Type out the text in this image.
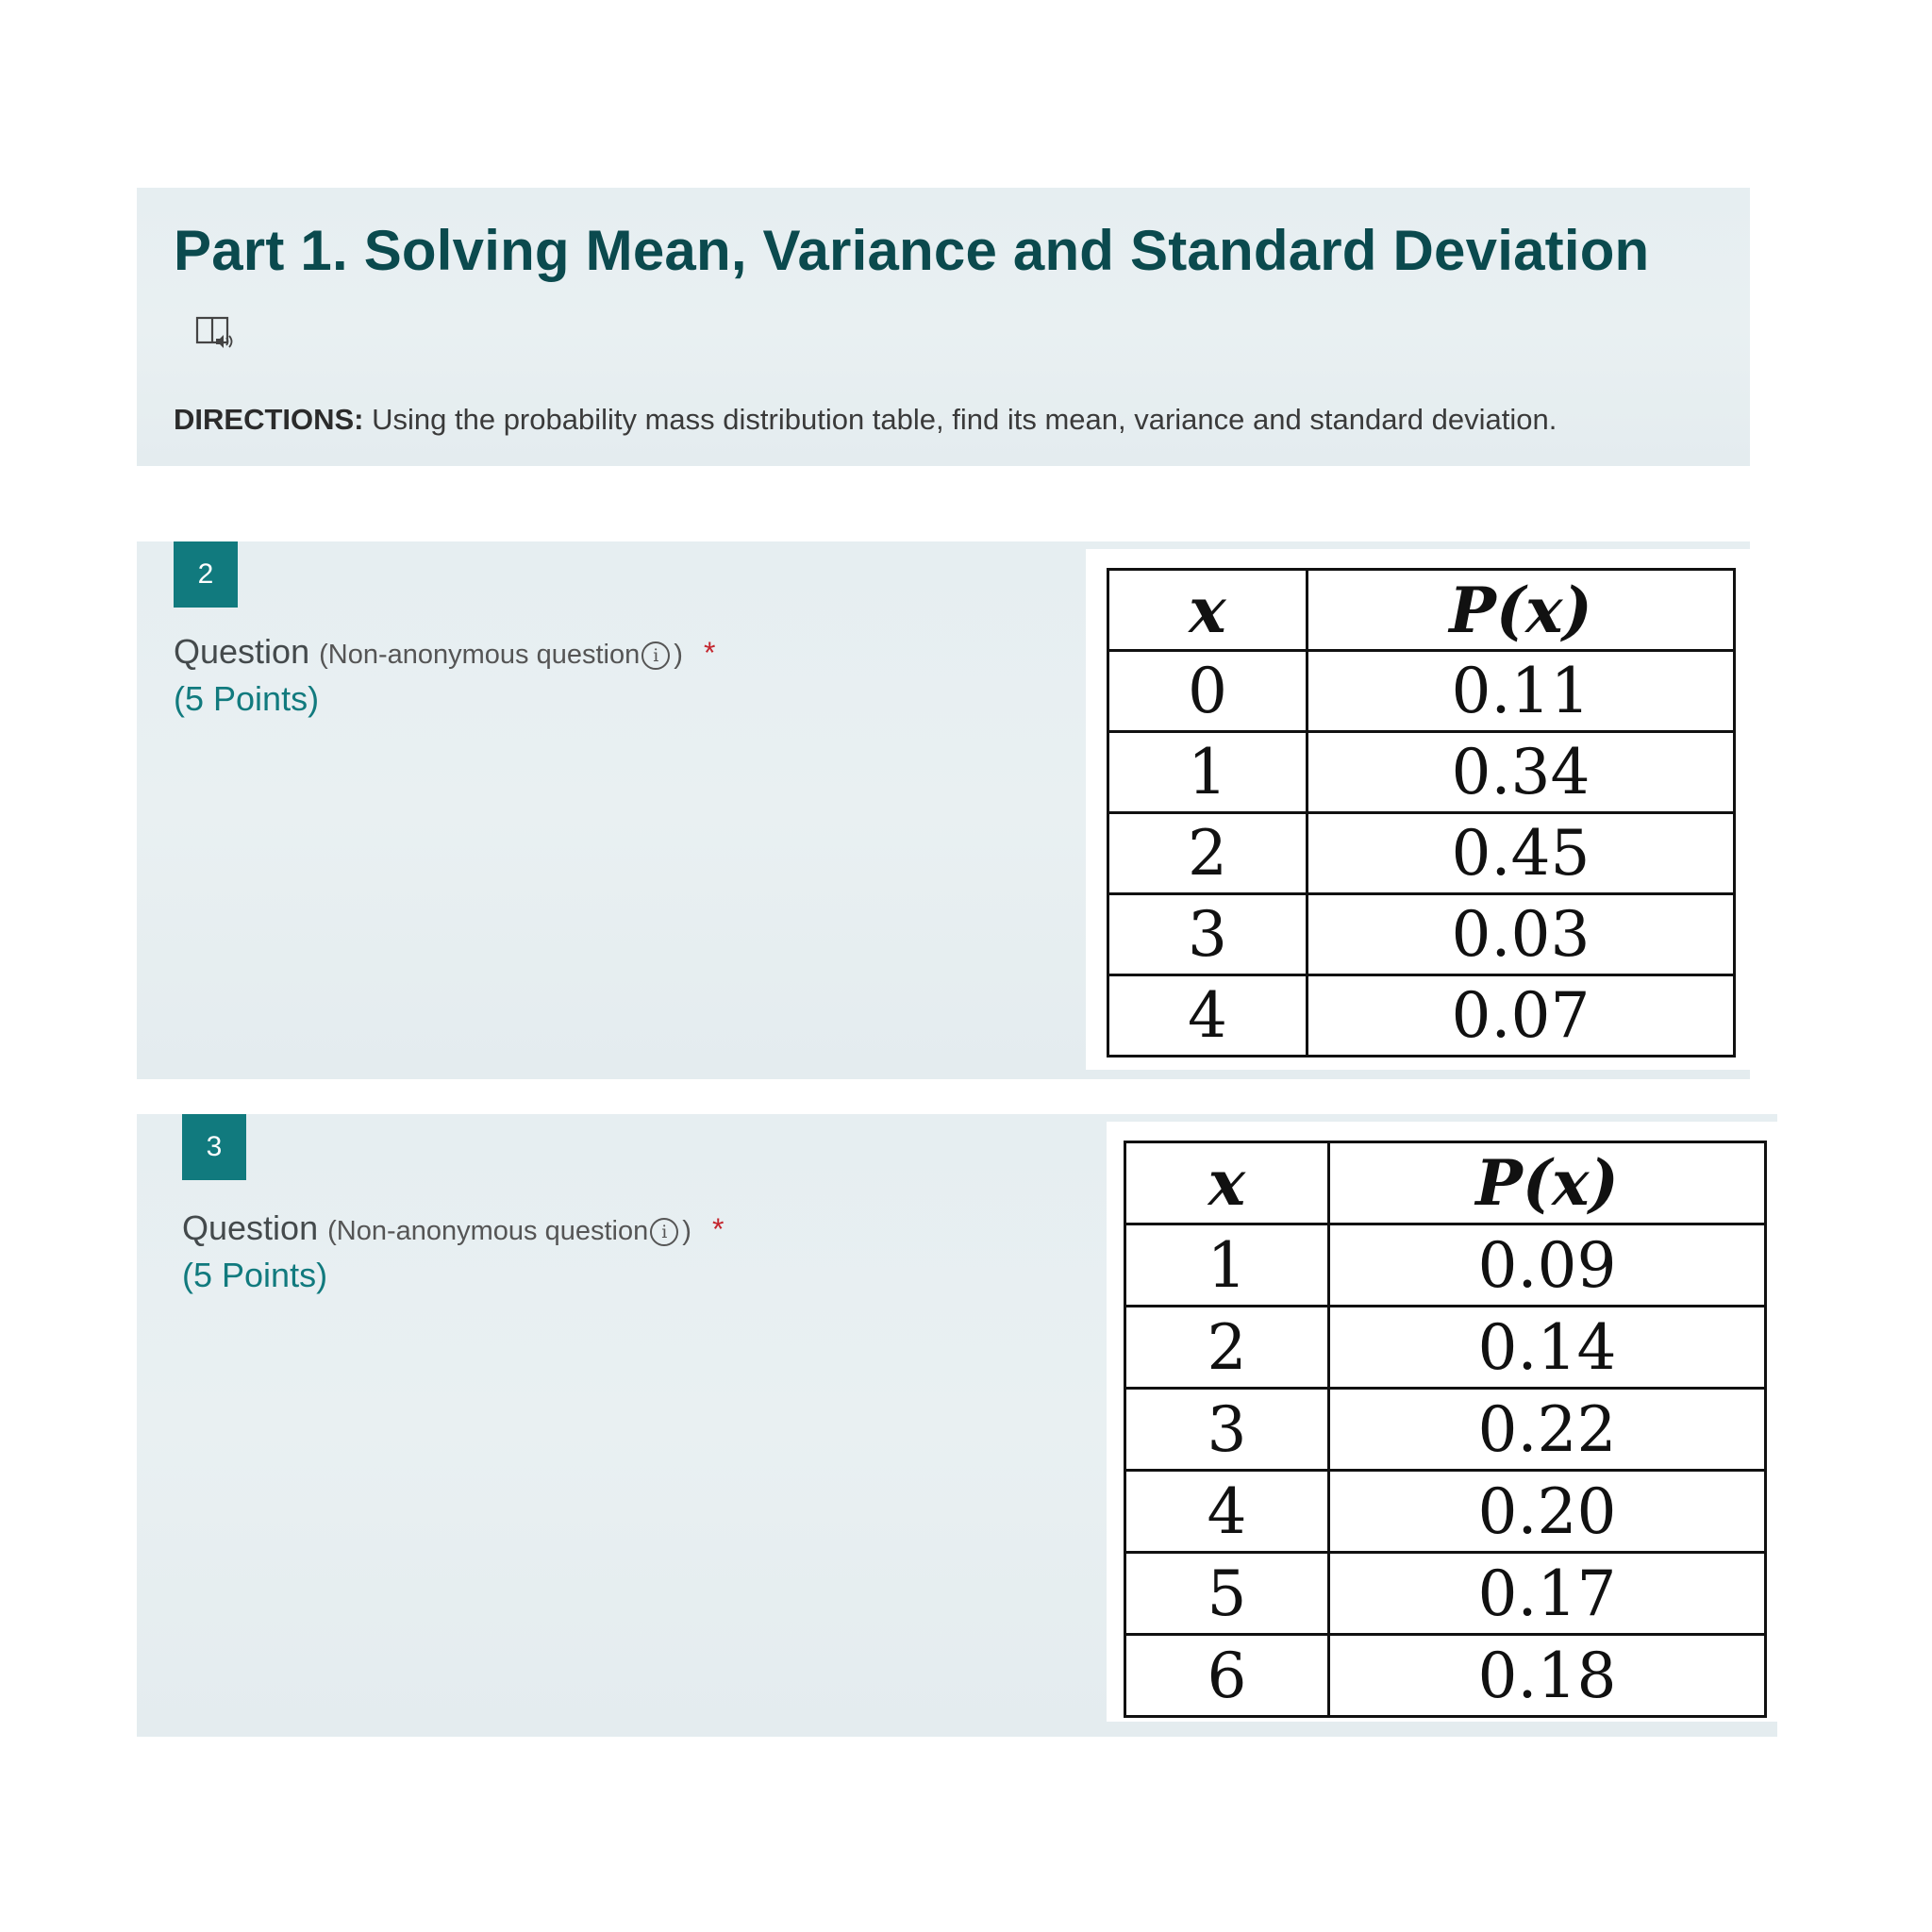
Part 1. Solving Mean, Variance and Standard Deviation

DIRECTIONS: Using the probability mass distribution table, find its mean, variance and standard deviation.

2
Question (Non-anonymous question i ) *
(5 Points)
x	P(x)
0	0.11
1	0.34
2	0.45
3	0.03
4	0.07
3
Question (Non-anonymous question i ) *
(5 Points)
x	P(x)
1	0.09
2	0.14
3	0.22
4	0.20
5	0.17
6	0.18
